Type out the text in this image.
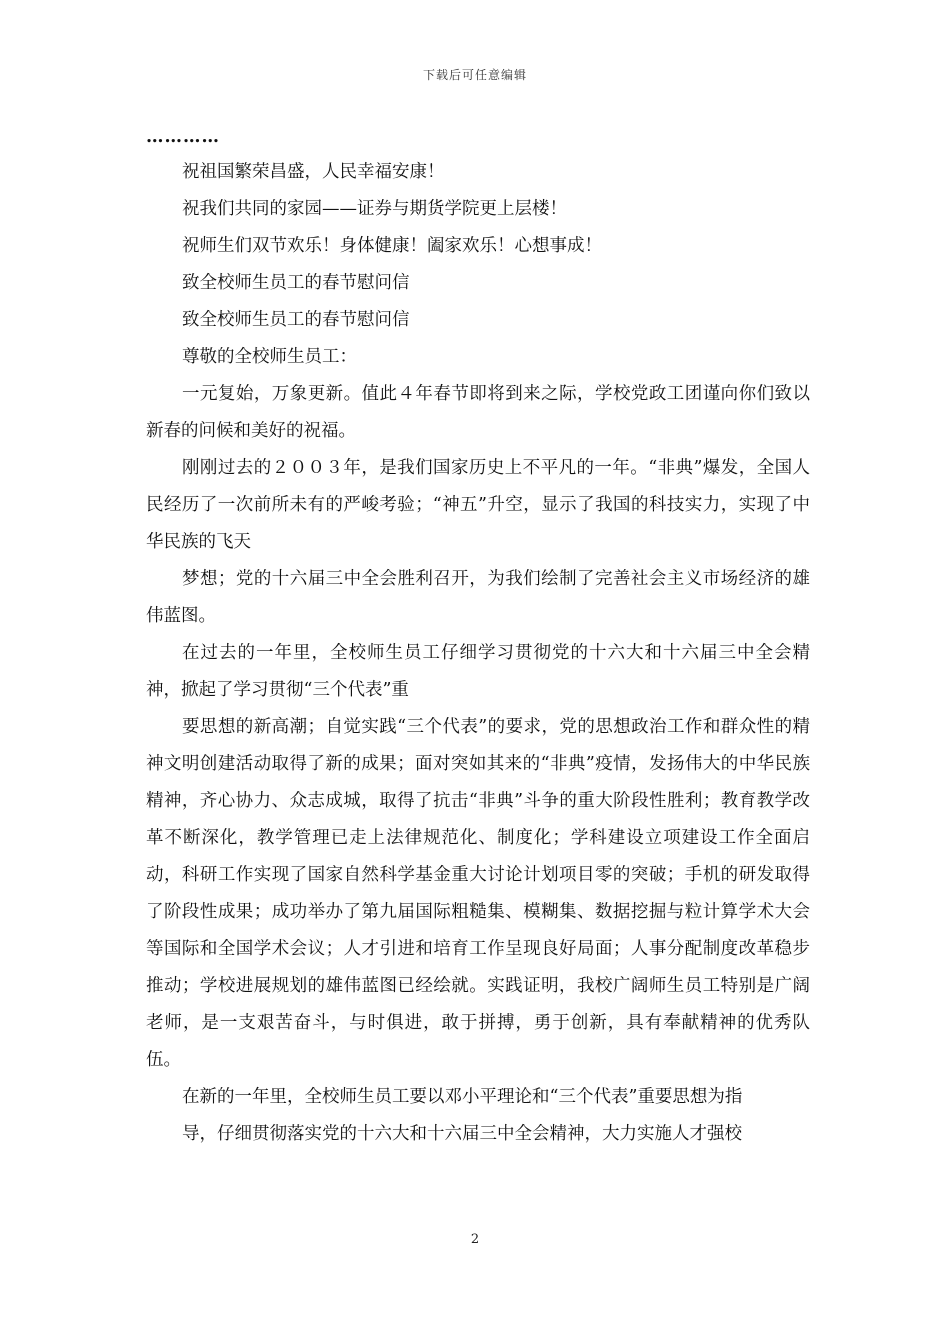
下载后可任意编辑

…………

祝祖国繁荣昌盛，人民幸福安康！

祝我们共同的家园——证券与期货学院更上层楼！

祝师生们双节欢乐！身体健康！阖家欢乐！心想事成！

致全校师生员工的春节慰问信

致全校师生员工的春节慰问信

尊敬的全校师生员工：

一元复始，万象更新。值此４年春节即将到来之际，学校党政工团谨向你们致以新春的问候和美好的祝福。

刚刚过去的２００３年，是我们国家历史上不平凡的一年。“非典”爆发，全国人民经历了一次前所未有的严峻考验；“神五”升空，显示了我国的科技实力，实现了中华民族的飞天

梦想；党的十六届三中全会胜利召开，为我们绘制了完善社会主义市场经济的雄伟蓝图。

在过去的一年里，全校师生员工仔细学习贯彻党的十六大和十六届三中全会精神，掀起了学习贯彻“三个代表”重

要思想的新高潮；自觉实践“三个代表”的要求，党的思想政治工作和群众性的精神文明创建活动取得了新的成果；面对突如其来的“非典”疫情，发扬伟大的中华民族精神，齐心协力、众志成城，取得了抗击“非典”斗争的重大阶段性胜利；教育教学改革不断深化，教学管理已走上法律规范化、制度化；学科建设立项建设工作全面启动，科研工作实现了国家自然科学基金重大讨论计划项目零的突破；手机的研发取得了阶段性成果；成功举办了第九届国际粗糙集、模糊集、数据挖掘与粒计算学术大会等国际和全国学术会议；人才引进和培育工作呈现良好局面；人事分配制度改革稳步推动；学校进展规划的雄伟蓝图已经绘就。实践证明，我校广阔师生员工特别是广阔老师，是一支艰苦奋斗，与时俱进，敢于拼搏，勇于创新，具有奉献精神的优秀队伍。

在新的一年里，全校师生员工要以邓小平理论和“三个代表”重要思想为指

导，仔细贯彻落实党的十六大和十六届三中全会精神，大力实施人才强校

2
